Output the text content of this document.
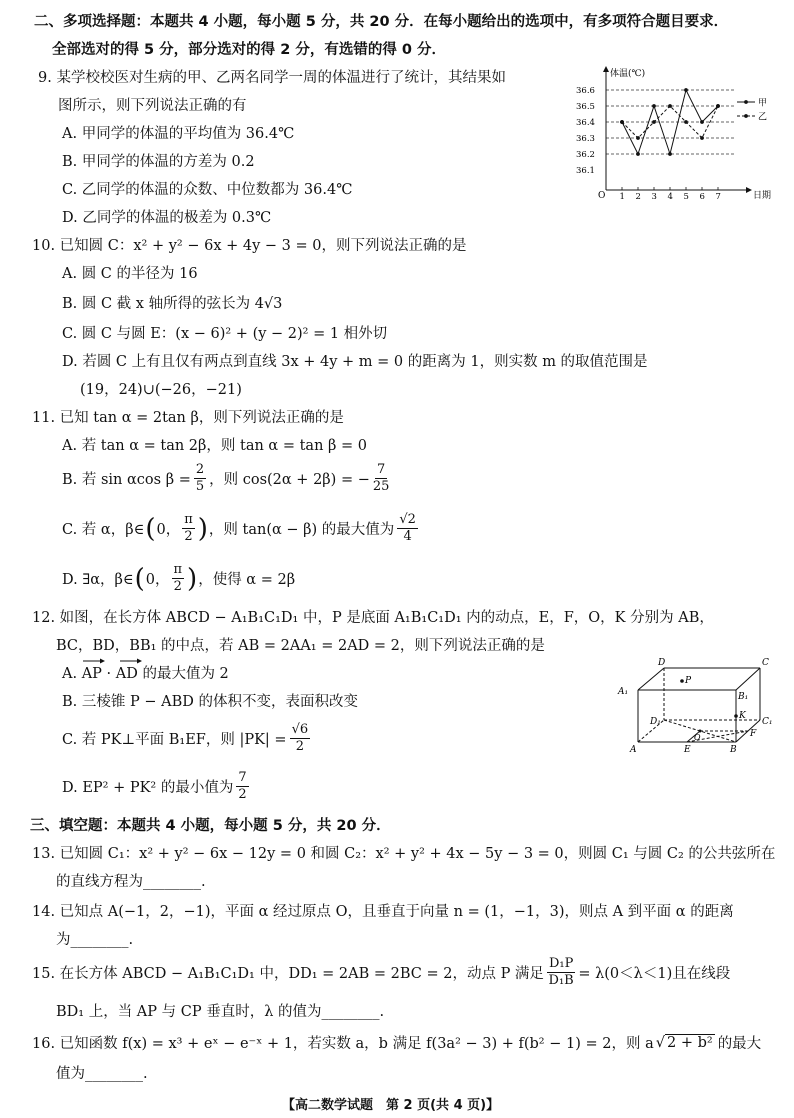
二、多项选择题：本题共 4 小题，每小题 5 分，共 20 分．在每小题给出的选项中，有多项符合题目要求．
全部选对的得 5 分，部分选对的得 2 分，有选错的得 0 分．
9. 某学校校医对生病的甲、乙两名同学一周的体温进行了统计，其结果如
图所示，则下列说法正确的有
A. 甲同学的体温的平均值为 36.4℃
B. 甲同学的体温的方差为 0.2
C. 乙同学的体温的众数、中位数都为 36.4℃
D. 乙同学的体温的极差为 0.3℃
体温(℃)
O	日期
36.6
36.5
36.4
36.3
36.2
36.1
1 2 3 4 5 6 7
甲
乙
10. 已知圆 C：x² + y² − 6x + 4y − 3 = 0，则下列说法正确的是
A. 圆 C 的半径为 16
B. 圆 C 截 x 轴所得的弦长为 4√3
C. 圆 C 与圆 E：(x − 6)² + (y − 2)² = 1 相外切
D. 若圆 C 上有且仅有两点到直线 3x + 4y + m = 0 的距离为 1，则实数 m 的取值范围是
(19，24)∪(−26，−21)
11. 已知 tan α = 2tan β，则下列说法正确的是
A. 若 tan α = tan 2β，则 tan α = tan β = 0
B. 若 sin αcos $\beta = \frac{2}{5}$ ，则 cos(2α + 2β) = − $\frac{7}{25}$
C. 若 α，β∈ ( 0， $\frac{\pi}{2}$ ) ，则 tan(α − β) 的最大值为 $\frac{√2}{4}$
D. ∃α，β∈ ( 0， $\frac{\pi}{2}$ ) ，使得 α = 2β
12. 如图，在长方体 ABCD − A₁B₁C₁D₁ 中，P 是底面 A₁B₁C₁D₁ 内的动点，E，F，O，K 分别为 AB，
BC，BD，BB₁ 的中点，若 AB = 2AA₁ = 2AD = 2，则下列说法正确的是
A. AP · AD 的最大值为 2
B. 三棱锥 P − ABD 的体积不变，表面积改变
C. 若 PK⊥平面 B₁EF，则 $|PK| = \frac{√6}{2}$
D. EP² + PK² 的最小值为 $\frac{7}{2}$
D	C
A₁	B₁
P
D₁
K
C₁
O	F
A	E	B
三、填空题：本题共 4 小题，每小题 5 分，共 20 分．
13. 已知圆 C₁：x² + y² − 6x − 12y = 0 和圆 C₂：x² + y² + 4x − 5y − 3 = 0，则圆 C₁ 与圆 C₂ 的公共弦所在
的直线方程为________.
14. 已知点 A(−1，2，−1)，平面 α 经过原点 O，且垂直于向量 n = (1，−1，3)，则点 A 到平面 α 的距离
为________.
15. 在长方体 ABCD − A₁B₁C₁D₁ 中，DD₁ = 2AB = 2BC = 2，动点 P 满足 $\frac{\text{D₁P}}{\text{D₁B}} = \lambda(0<\lambda<1)$且在线段
BD₁ 上，当 AP 与 CP 垂直时，λ 的值为________.
16. 已知函数 f(x) = x³ + eˣ − e⁻ˣ + 1，若实数 a，b 满足 f(3a² − 3) + f(b² − 1) = 2，则 a √ 2 + b² 的最大
值为________.
【高二数学试题　第 2 页(共 4 页)】
